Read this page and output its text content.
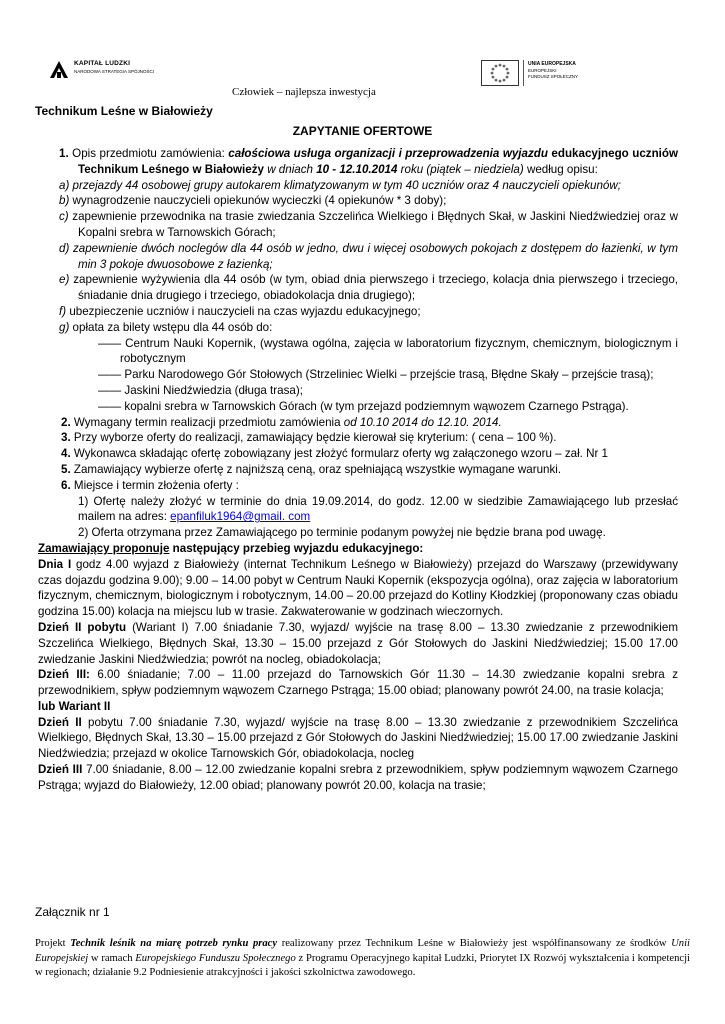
KAPITAŁ LUDZKI
NARODOWA STRATEGIA SPÓJNOŚCI
Człowiek – najlepsza inwestycja
UNIA EUROPEJSKA
EUROPEJSKI
FUNDUSZ SPOŁECZNY
Technikum Leśne w Białowieży
ZAPYTANIE OFERTOWE

1. Opis przedmiotu zamówienia: całościowa usługa organizacji i przeprowadzenia wyjazdu edukacyjnego uczniów Technikum Leśnego w Białowieży w dniach 10 - 12.10.2014 roku (piątek – niedziela) według opisu:

a) przejazdy 44 osobowej grupy autokarem klimatyzowanym w tym 40 uczniów oraz 4 nauczycieli opiekunów;

b) wynagrodzenie nauczycieli opiekunów wycieczki (4 opiekunów * 3 doby);

c) zapewnienie przewodnika na trasie zwiedzania Szczelińca Wielkiego i Błędnych Skał, w Jaskini Niedźwiedziej oraz w Kopalni srebra w Tarnowskich Górach;

d) zapewnienie dwóch noclegów dla 44 osób w jedno, dwu i więcej osobowych pokojach z dostępem do łazienki, w tym min 3 pokoje dwuosobowe z łazienką;

e) zapewnienie wyżywienia dla 44 osób (w tym, obiad dnia pierwszego i trzeciego, kolacja dnia pierwszego i trzeciego, śniadanie dnia drugiego i trzeciego, obiadokolacja dnia drugiego);

f) ubezpieczenie uczniów i nauczycieli na czas wyjazdu edukacyjnego;

g) opłata za bilety wstępu dla 44 osób do:

—— Centrum Nauki Kopernik, (wystawa ogólna, zajęcia w laboratorium fizycznym, chemicznym, biologicznym i robotycznym

—— Parku Narodowego Gór Stołowych (Strzeliniec Wielki – przejście trasą, Błędne Skały – przejście trasą);

—— Jaskini Niedźwiedzia (długa trasa);

—— kopalni srebra w Tarnowskich Górach (w tym przejazd podziemnym wąwozem Czarnego Pstrąga).

2. Wymagany termin realizacji przedmiotu zamówienia od 10.10 2014 do 12.10. 2014.

3. Przy wyborze oferty do realizacji, zamawiający będzie kierował się kryterium: ( cena – 100 %).

4. Wykonawca składając ofertę zobowiązany jest złożyć formularz oferty wg załączonego wzoru – zał. Nr 1

5. Zamawiający wybierze ofertę z najniższą ceną, oraz spełniającą wszystkie wymagane warunki.

6. Miejsce i termin złożenia oferty :

1) Ofertę należy złożyć w terminie do dnia 19.09.2014, do godz. 12.00 w siedzibie Zamawiającego lub przesłać mailem na adres: epanfiluk1964@gmail. com

2) Oferta otrzymana przez Zamawiającego po terminie podanym powyżej nie będzie brana pod uwagę.

Zamawiający proponuje następujący przebieg wyjazdu edukacyjnego:

Dnia I godz 4.00 wyjazd z Białowieży (internat Technikum Leśnego w Białowieży) przejazd do Warszawy (przewidywany czas dojazdu godzina 9.00); 9.00 – 14.00 pobyt w Centrum Nauki Kopernik (ekspozycja ogólna), oraz zajęcia w laboratorium fizycznym, chemicznym, biologicznym i robotycznym, 14.00 – 20.00 przejazd do Kotliny Kłodzkiej (proponowany czas obiadu godzina 15.00) kolacja na miejscu lub w trasie. Zakwaterowanie w godzinach wieczornych.

Dzień II pobytu (Wariant I) 7.00 śniadanie 7.30, wyjazd/ wyjście na trasę 8.00 – 13.30 zwiedzanie z przewodnikiem Szczelińca Wielkiego, Błędnych Skał, 13.30 – 15.00 przejazd z Gór Stołowych do Jaskini Niedźwiedziej; 15.00 17.00 zwiedzanie Jaskini Niedźwiedzia; powrót na nocleg, obiadokolacja;

Dzień III: 6.00 śniadanie; 7.00 – 11.00 przejazd do Tarnowskich Gór 11.30 – 14.30 zwiedzanie kopalni srebra z przewodnikiem, spływ podziemnym wąwozem Czarnego Pstrąga; 15.00 obiad; planowany powrót 24.00, na trasie kolacja;

lub Wariant II

Dzień II pobytu 7.00 śniadanie 7.30, wyjazd/ wyjście na trasę 8.00 – 13.30 zwiedzanie z przewodnikiem Szczelińca Wielkiego, Błędnych Skał, 13.30 – 15.00 przejazd z Gór Stołowych do Jaskini Niedźwiedziej; 15.00 17.00 zwiedzanie Jaskini Niedźwiedzia; przejazd w okolice Tarnowskich Gór, obiadokolacja, nocleg

Dzień III 7.00 śniadanie, 8.00 – 12.00 zwiedzanie kopalni srebra z przewodnikiem, spływ podziemnym wąwozem Czarnego Pstrąga; wyjazd do Białowieży, 12.00 obiad; planowany powrót 20.00, kolacja na trasie;

Załącznik nr 1
Projekt Technik leśnik na miarę potrzeb rynku pracy realizowany przez Technikum Leśne w Białowieży jest współfinansowany ze środków Unii Europejskiej w ramach Europejskiego Funduszu Społecznego z Programu Operacyjnego kapitał Ludzki, Priorytet IX Rozwój wykształcenia i kompetencji w regionach; działanie 9.2 Podniesienie atrakcyjności i jakości szkolnictwa zawodowego.
